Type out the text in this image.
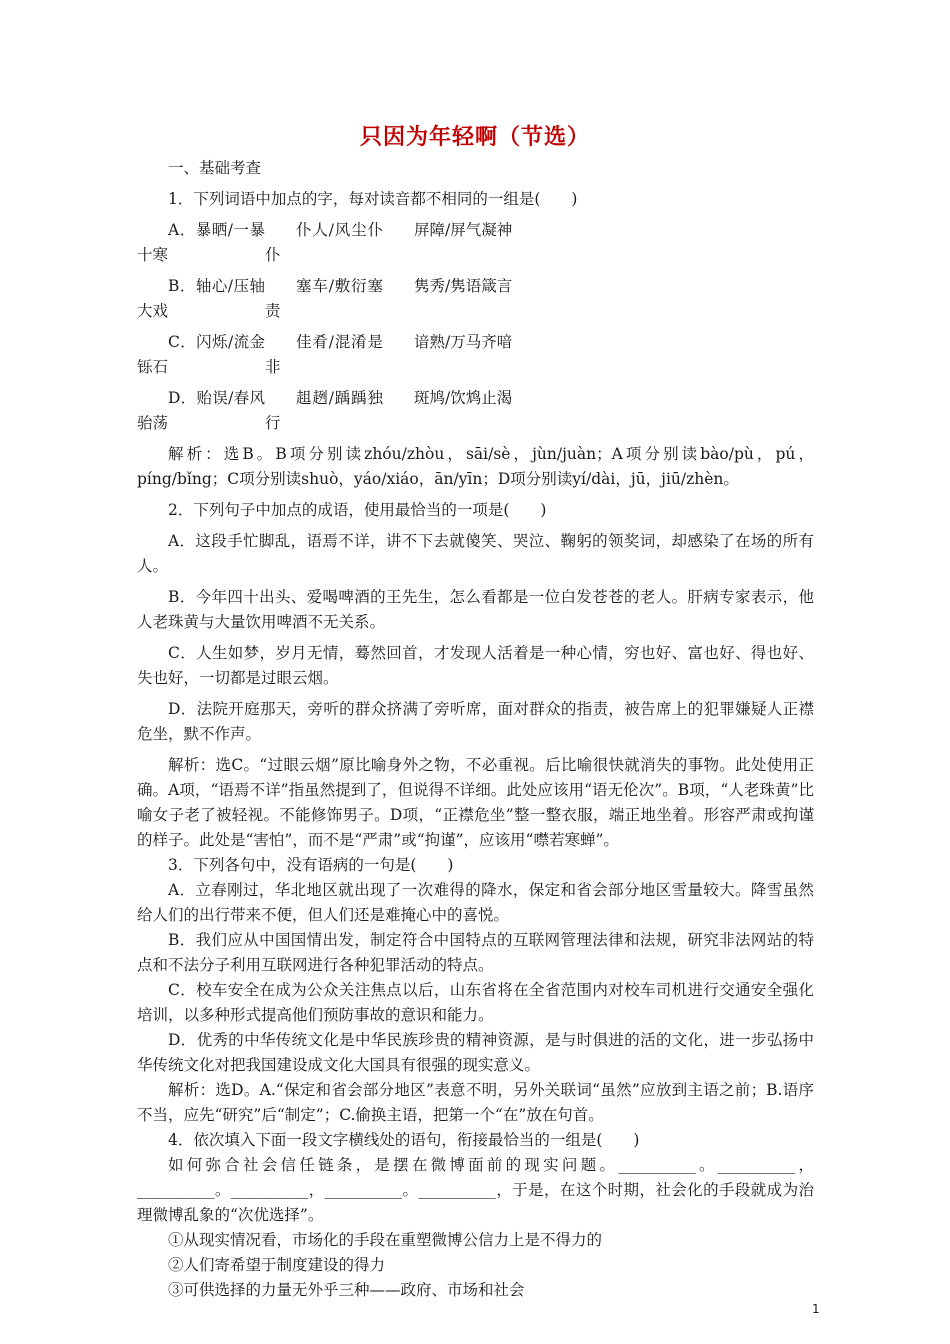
只因为年轻啊（节选）

一、基础考查

1．下列词语中加点的字，每对读音都不相同的一组是(　　)

A．暴晒/一暴十寒
仆人/风尘仆仆
屏障/屏气凝神
B．轴心/压轴大戏
塞车/敷衍塞责
隽秀/隽语箴言
C．闪烁/流金铄石
佳肴/混淆是非
谙熟/万马齐喑
D．贻误/春风骀荡
趄趔/踽踽独行
斑鸠/饮鸩止渴

解析：选B。B项分别读zhóu/zhòu，sāi/sè，jùn/juàn；A项分别读bào/pù，pú，píng/bǐng；C项分别读shuò，yáo/xiáo，ān/yīn；D项分别读yí/dài，jū，jiū/zhèn。

2．下列句子中加点的成语，使用最恰当的一项是(　　)

A．这段手忙脚乱，语焉不详，讲不下去就傻笑、哭泣、鞠躬的领奖词，却感染了在场的所有人。

B．今年四十出头、爱喝啤酒的王先生，怎么看都是一位白发苍苍的老人。肝病专家表示，他人老珠黄与大量饮用啤酒不无关系。

C．人生如梦，岁月无情，蓦然回首，才发现人活着是一种心情，穷也好、富也好、得也好、失也好，一切都是过眼云烟。

D．法院开庭那天，旁听的群众挤满了旁听席，面对群众的指责，被告席上的犯罪嫌疑人正襟危坐，默不作声。

解析：选C。“过眼云烟”原比喻身外之物，不必重视。后比喻很快就消失的事物。此处使用正确。A项，“语焉不详”指虽然提到了，但说得不详细。此处应该用“语无伦次”。B项，“人老珠黄”比喻女子老了被轻视。不能修饰男子。D项，“正襟危坐”整一整衣服，端正地坐着。形容严肃或拘谨的样子。此处是“害怕”，而不是“严肃”或“拘谨”，应该用“噤若寒蝉”。

3．下列各句中，没有语病的一句是(　　)

A．立春刚过，华北地区就出现了一次难得的降水，保定和省会部分地区雪量较大。降雪虽然给人们的出行带来不便，但人们还是难掩心中的喜悦。

B．我们应从中国国情出发，制定符合中国特点的互联网管理法律和法规，研究非法网站的特点和不法分子利用互联网进行各种犯罪活动的特点。

C．校车安全在成为公众关注焦点以后，山东省将在全省范围内对校车司机进行交通安全强化培训，以多种形式提高他们预防事故的意识和能力。

D．优秀的中华传统文化是中华民族珍贵的精神资源，是与时俱进的活的文化，进一步弘扬中华传统文化对把我国建设成文化大国具有很强的现实意义。

解析：选D。A.“保定和省会部分地区”表意不明，另外关联词“虽然”应放到主语之前；B.语序不当，应先“研究”后“制定”；C.偷换主语，把第一个“在”放在句首。

4．依次填入下面一段文字横线处的语句，衔接最恰当的一组是(　　)

如何弥合社会信任链条，是摆在微博面前的现实问题。__________。__________，__________。__________，__________。__________，于是，在这个时期，社会化的手段就成为治理微博乱象的“次优选择”。

①从现实情况看，市场化的手段在重塑微博公信力上是不得力的

②人们寄希望于制度建设的得力

③可供选择的力量无外乎三种——政府、市场和社会

1
